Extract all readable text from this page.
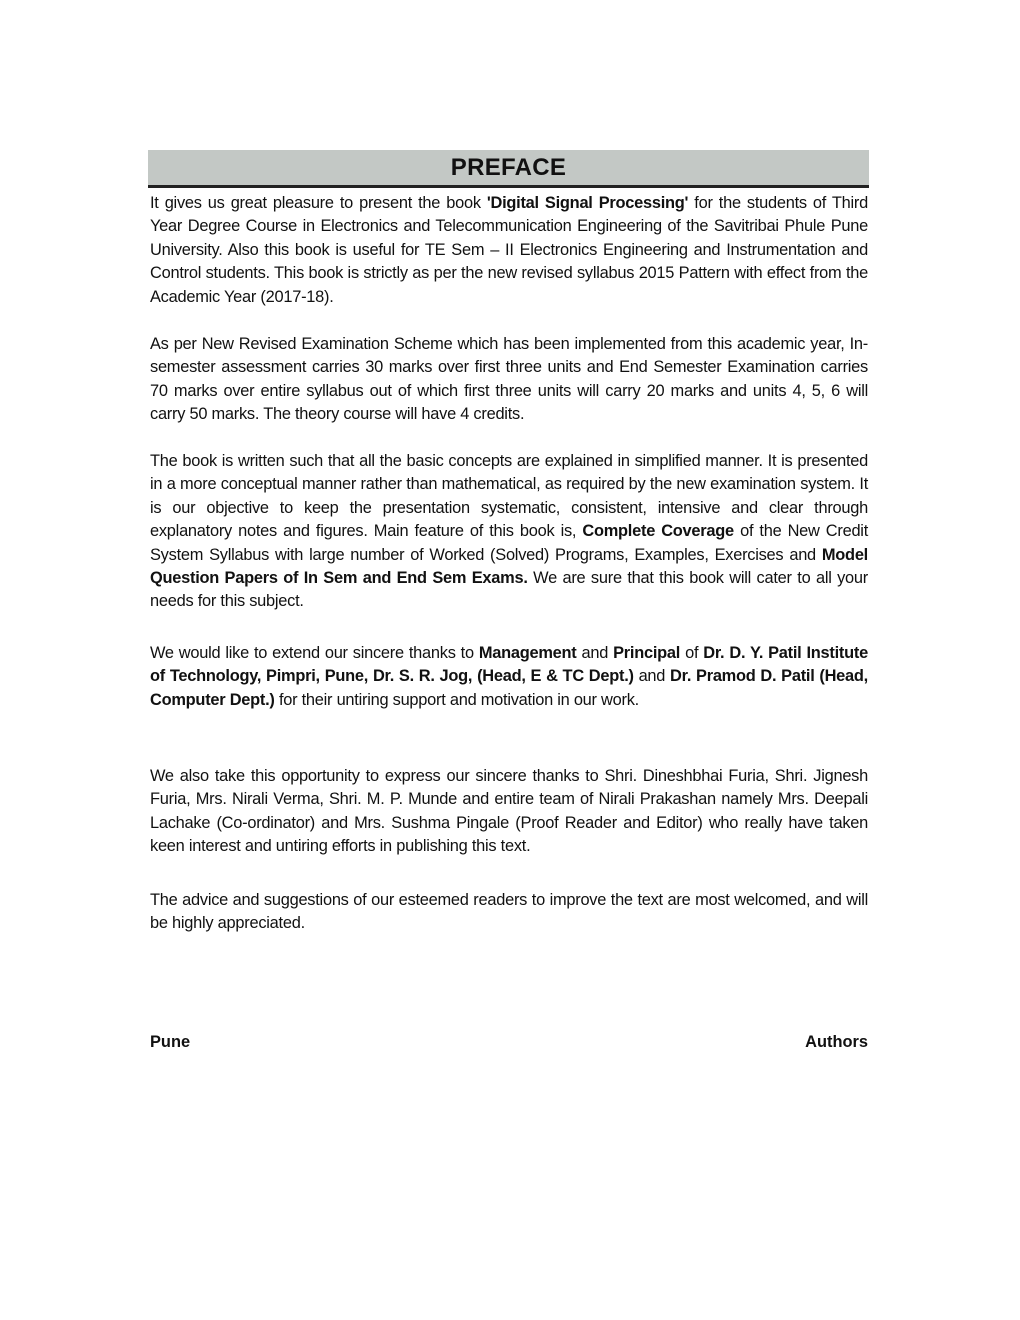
PREFACE

It gives us great pleasure to present the book 'Digital Signal Processing' for the students of Third Year Degree Course in Electronics and Telecommunication Engineering of the Savitribai Phule Pune University. Also this book is useful for TE Sem – II Electronics Engineering and Instrumentation and Control students. This book is strictly as per the new revised syllabus 2015 Pattern with effect from the Academic Year (2017-18).

As per New Revised Examination Scheme which has been implemented from this academic year, In-semester assessment carries 30 marks over first three units and End Semester Examination carries 70 marks over entire syllabus out of which first three units will carry 20 marks and units 4, 5, 6 will carry 50 marks. The theory course will have 4 credits.

The book is written such that all the basic concepts are explained in simplified manner. It is presented in a more conceptual manner rather than mathematical, as required by the new examination system. It is our objective to keep the presentation systematic, consistent, intensive and clear through explanatory notes and figures. Main feature of this book is, Complete Coverage of the New Credit System Syllabus with large number of Worked (Solved) Programs, Examples, Exercises and Model Question Papers of In Sem and End Sem Exams. We are sure that this book will cater to all your needs for this subject.

We would like to extend our sincere thanks to Management and Principal of Dr. D. Y. Patil Institute of Technology, Pimpri, Pune, Dr. S. R. Jog, (Head, E & TC Dept.) and Dr. Pramod D. Patil (Head, Computer Dept.) for their untiring support and motivation in our work.

We also take this opportunity to express our sincere thanks to Shri. Dineshbhai Furia, Shri. Jignesh Furia, Mrs. Nirali Verma, Shri. M. P. Munde and entire team of Nirali Prakashan namely Mrs. Deepali Lachake (Co-ordinator) and Mrs. Sushma Pingale (Proof Reader and Editor) who really have taken keen interest and untiring efforts in publishing this text.

The advice and suggestions of our esteemed readers to improve the text are most welcomed, and will be highly appreciated.

Pune	Authors
